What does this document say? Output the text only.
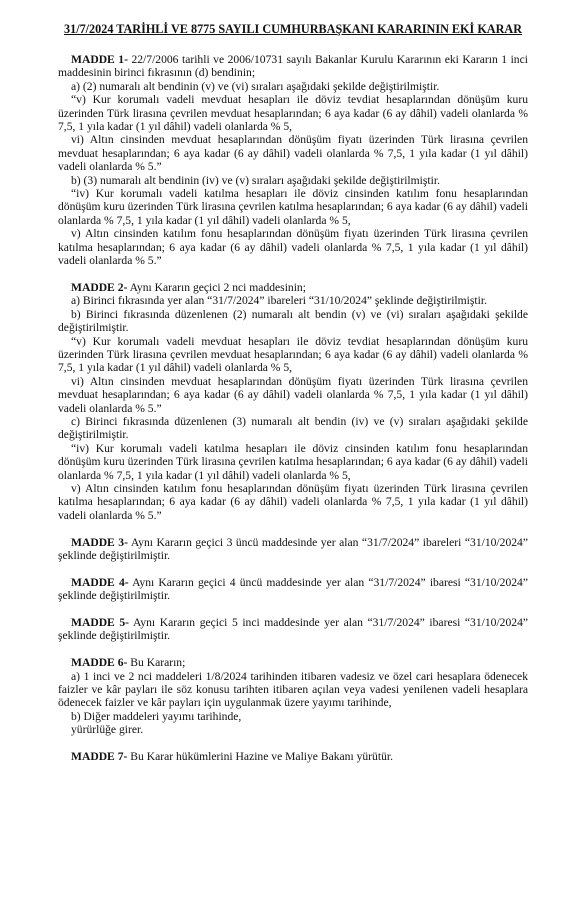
31/7/2024 TARİHLİ VE 8775 SAYILI CUMHURBAŞKANI KARARININ EKİ KARAR

MADDE 1- 22/7/2006 tarihli ve 2006/10731 sayılı Bakanlar Kurulu Kararının eki Kararın 1 inci maddesinin birinci fıkrasının (d) bendinin;

a) (2) numaralı alt bendinin (v) ve (vi) sıraları aşağıdaki şekilde değiştirilmiştir.

“v) Kur korumalı vadeli mevduat hesapları ile döviz tevdiat hesaplarından dönüşüm kuru üzerinden Türk lirasına çevrilen mevduat hesaplarından; 6 aya kadar (6 ay dâhil) vadeli olanlarda % 7,5, 1 yıla kadar (1 yıl dâhil) vadeli olanlarda % 5,

vi) Altın cinsinden mevduat hesaplarından dönüşüm fiyatı üzerinden Türk lirasına çevrilen mevduat hesaplarından; 6 aya kadar (6 ay dâhil) vadeli olanlarda % 7,5, 1 yıla kadar (1 yıl dâhil) vadeli olanlarda % 5.”

b) (3) numaralı alt bendinin (iv) ve (v) sıraları aşağıdaki şekilde değiştirilmiştir.

“iv) Kur korumalı vadeli katılma hesapları ile döviz cinsinden katılım fonu hesaplarından dönüşüm kuru üzerinden Türk lirasına çevrilen katılma hesaplarından; 6 aya kadar (6 ay dâhil) vadeli olanlarda % 7,5, 1 yıla kadar (1 yıl dâhil) vadeli olanlarda % 5,

v) Altın cinsinden katılım fonu hesaplarından dönüşüm fiyatı üzerinden Türk lirasına çevrilen katılma hesaplarından; 6 aya kadar (6 ay dâhil) vadeli olanlarda % 7,5, 1 yıla kadar (1 yıl dâhil) vadeli olanlarda % 5.”

MADDE 2- Aynı Kararın geçici 2 nci maddesinin;

a) Birinci fıkrasında yer alan “31/7/2024” ibareleri “31/10/2024” şeklinde değiştirilmiştir.

b) Birinci fıkrasında düzenlenen (2) numaralı alt bendin (v) ve (vi) sıraları aşağıdaki şekilde değiştirilmiştir.

“v) Kur korumalı vadeli mevduat hesapları ile döviz tevdiat hesaplarından dönüşüm kuru üzerinden Türk lirasına çevrilen mevduat hesaplarından; 6 aya kadar (6 ay dâhil) vadeli olanlarda % 7,5, 1 yıla kadar (1 yıl dâhil) vadeli olanlarda % 5,

vi) Altın cinsinden mevduat hesaplarından dönüşüm fiyatı üzerinden Türk lirasına çevrilen mevduat hesaplarından; 6 aya kadar (6 ay dâhil) vadeli olanlarda % 7,5, 1 yıla kadar (1 yıl dâhil) vadeli olanlarda % 5.”

c) Birinci fıkrasında düzenlenen (3) numaralı alt bendin (iv) ve (v) sıraları aşağıdaki şekilde değiştirilmiştir.

“iv) Kur korumalı vadeli katılma hesapları ile döviz cinsinden katılım fonu hesaplarından dönüşüm kuru üzerinden Türk lirasına çevrilen katılma hesaplarından; 6 aya kadar (6 ay dâhil) vadeli olanlarda % 7,5, 1 yıla kadar (1 yıl dâhil) vadeli olanlarda % 5,

v) Altın cinsinden katılım fonu hesaplarından dönüşüm fiyatı üzerinden Türk lirasına çevrilen katılma hesaplarından; 6 aya kadar (6 ay dâhil) vadeli olanlarda % 7,5, 1 yıla kadar (1 yıl dâhil) vadeli olanlarda % 5.”

MADDE 3- Aynı Kararın geçici 3 üncü maddesinde yer alan “31/7/2024” ibareleri “31/10/2024” şeklinde değiştirilmiştir.

MADDE 4- Aynı Kararın geçici 4 üncü maddesinde yer alan “31/7/2024” ibaresi “31/10/2024” şeklinde değiştirilmiştir.

MADDE 5- Aynı Kararın geçici 5 inci maddesinde yer alan “31/7/2024” ibaresi “31/10/2024” şeklinde değiştirilmiştir.

MADDE 6- Bu Kararın;

a) 1 inci ve 2 nci maddeleri 1/8/2024 tarihinden itibaren vadesiz ve özel cari hesaplara ödenecek faizler ve kâr payları ile söz konusu tarihten itibaren açılan veya vadesi yenilenen vadeli hesaplara ödenecek faizler ve kâr payları için uygulanmak üzere yayımı tarihinde,

b) Diğer maddeleri yayımı tarihinde,

yürürlüğe girer.

MADDE 7- Bu Karar hükümlerini Hazine ve Maliye Bakanı yürütür.
